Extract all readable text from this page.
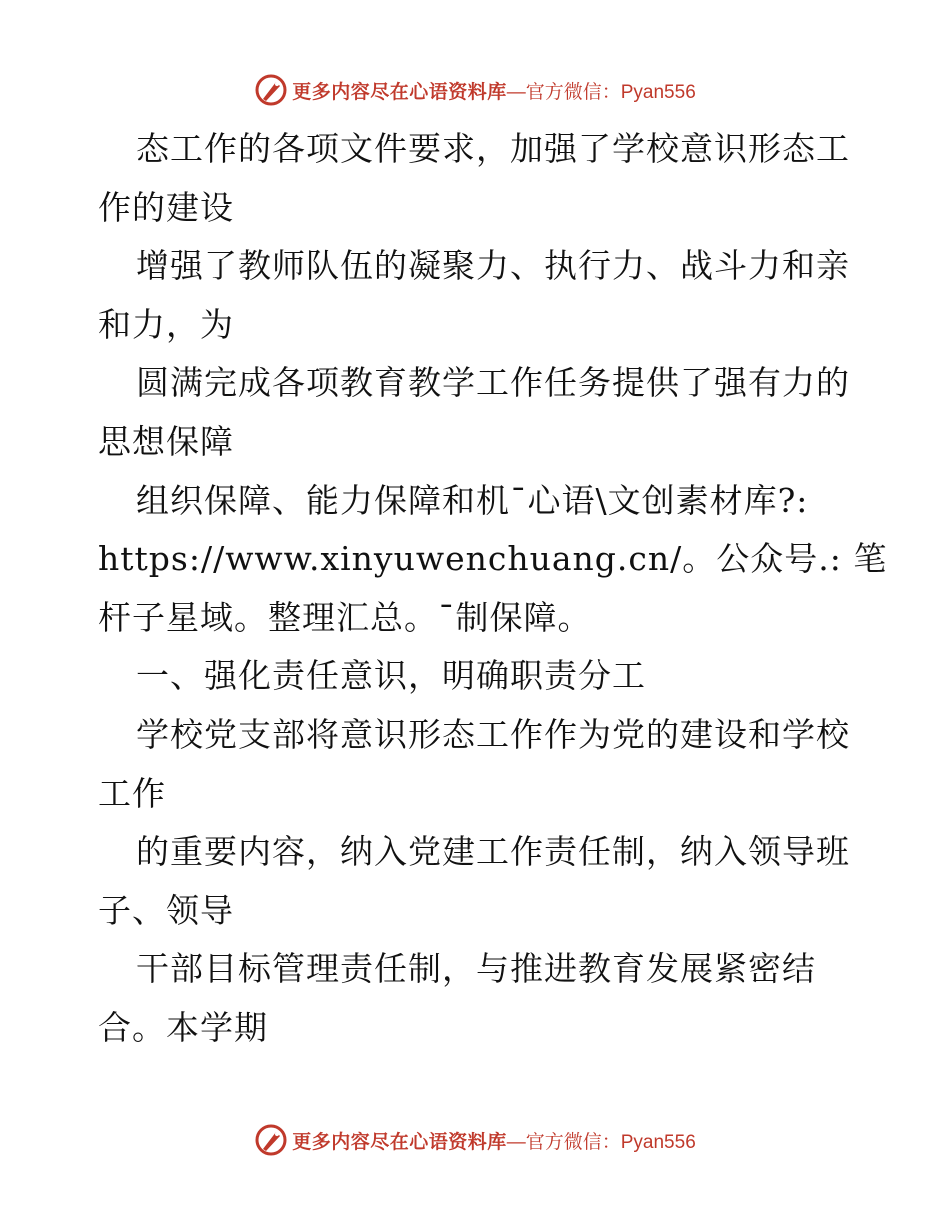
更多内容尽在心语资料库 —官方微信：Pyan556
态工作的各项文件要求，加强了学校意识形态工
作的建设
增强了教师队伍的凝聚力、执行力、战斗力和亲
和力，为
圆满完成各项教育教学工作任务提供了强有力的
思想保障
组织保障、能力保障和机¯心语\文创素材库?:
https://www.xinyuwenchuang.cn/。公众号.: 笔
杆子星域。整理汇总。¯制保障。
一、强化责任意识，明确职责分工
学校党支部将意识形态工作作为党的建设和学校
工作
的重要内容，纳入党建工作责任制，纳入领导班
子、领导
干部目标管理责任制，与推进教育发展紧密结
合。本学期
更多内容尽在心语资料库 —官方微信：Pyan556
